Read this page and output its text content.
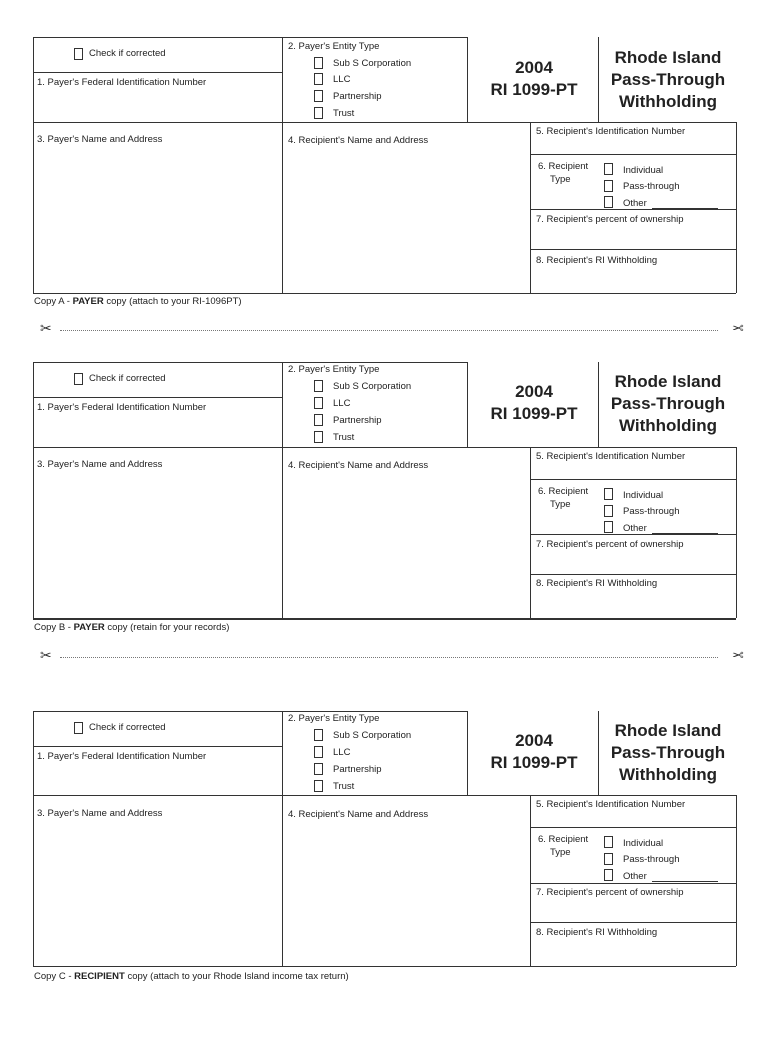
Check if corrected
1. Payer's Federal Identification Number
2. Payer's Entity Type
Sub S Corporation
LLC
Partnership
Trust
2004
RI 1099-PT
Rhode Island
Pass-Through
Withholding
3. Payer's Name and Address	4. Recipient's Name and Address
5. Recipient's Identification Number
6. Recipient
Type
Individual
Pass-through
Other
7. Recipient's percent of ownership
8. Recipient's RI Withholding
Copy A - PAYER copy (attach to your RI-1096PT)
✂	✂
Check if corrected
1. Payer's Federal Identification Number
2. Payer's Entity Type
Sub S Corporation
LLC
Partnership
Trust
2004
RI 1099-PT
Rhode Island
Pass-Through
Withholding
3. Payer's Name and Address	4. Recipient's Name and Address
5. Recipient's Identification Number
6. Recipient
Type
Individual
Pass-through
Other
7. Recipient's percent of ownership
8. Recipient's RI Withholding
Copy B - PAYER copy (retain for your records)
✂	✂
Check if corrected
1. Payer's Federal Identification Number
2. Payer's Entity Type
Sub S Corporation
LLC
Partnership
Trust
2004
RI 1099-PT
Rhode Island
Pass-Through
Withholding
3. Payer's Name and Address	4. Recipient's Name and Address
5. Recipient's Identification Number
6. Recipient
Type
Individual
Pass-through
Other
7. Recipient's percent of ownership
8. Recipient's RI Withholding
Copy C - RECIPIENT copy (attach to your Rhode Island income tax return)
